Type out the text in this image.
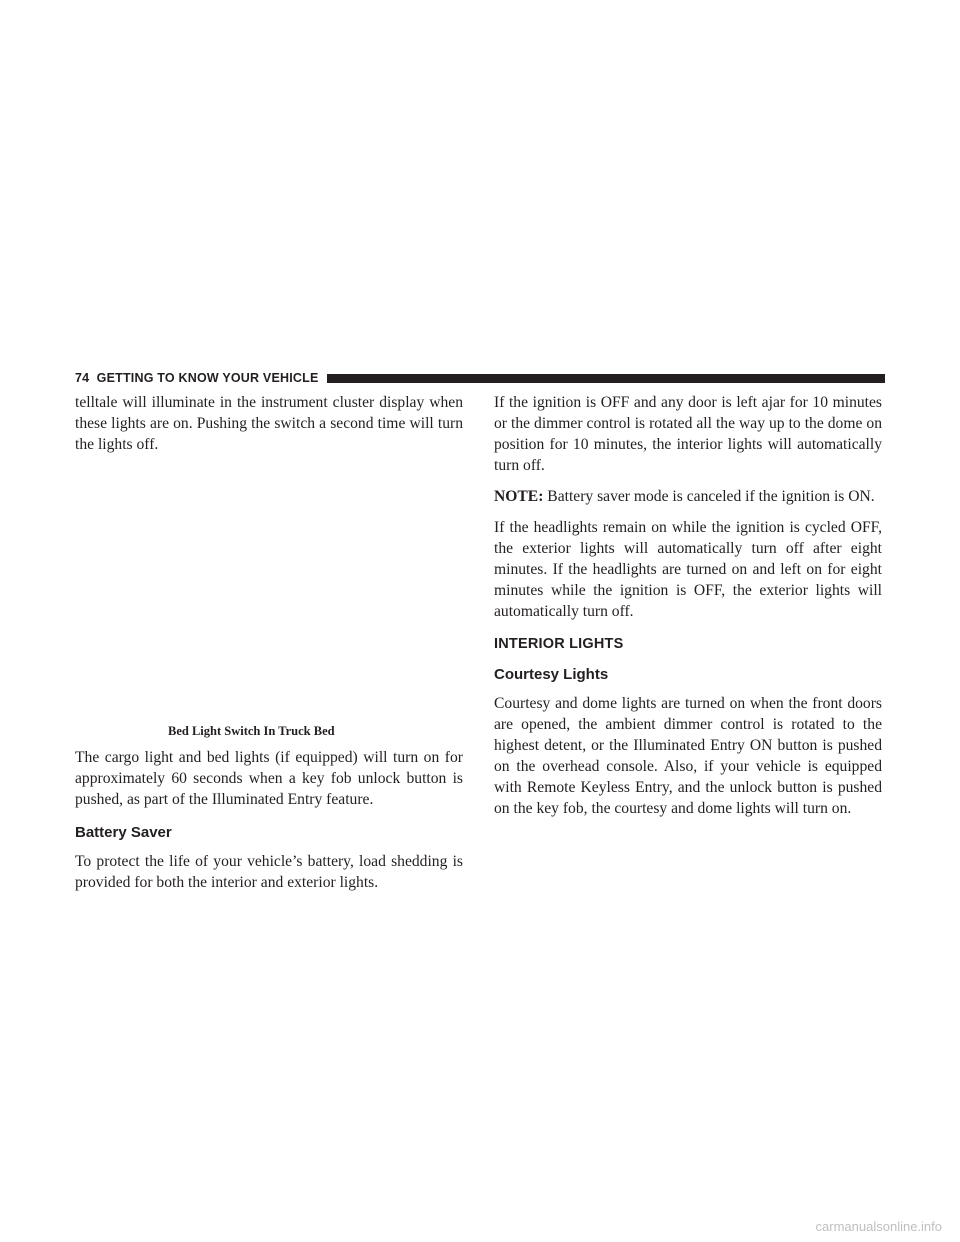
74 GETTING TO KNOW YOUR VEHICLE

telltale will illuminate in the instrument cluster display when these lights are on. Pushing the switch a second time will turn the lights off.

Bed Light Switch In Truck Bed

The cargo light and bed lights (if equipped) will turn on for approximately 60 seconds when a key fob unlock button is pushed, as part of the Illuminated Entry feature.

Battery Saver

To protect the life of your vehicle’s battery, load shedding is provided for both the interior and exterior lights.

If the ignition is OFF and any door is left ajar for 10 minutes or the dimmer control is rotated all the way up to the dome on position for 10 minutes, the interior lights will automatically turn off.

NOTE: Battery saver mode is canceled if the ignition is ON.

If the headlights remain on while the ignition is cycled OFF, the exterior lights will automatically turn off after eight minutes. If the headlights are turned on and left on for eight minutes while the ignition is OFF, the exterior lights will automatically turn off.

INTERIOR LIGHTS
Courtesy Lights

Courtesy and dome lights are turned on when the front doors are opened, the ambient dimmer control is rotated to the highest detent, or the Illuminated Entry ON button is pushed on the overhead console. Also, if your vehicle is equipped with Remote Keyless Entry, and the unlock button is pushed on the key fob, the courtesy and dome lights will turn on.

carmanualsonline.info
